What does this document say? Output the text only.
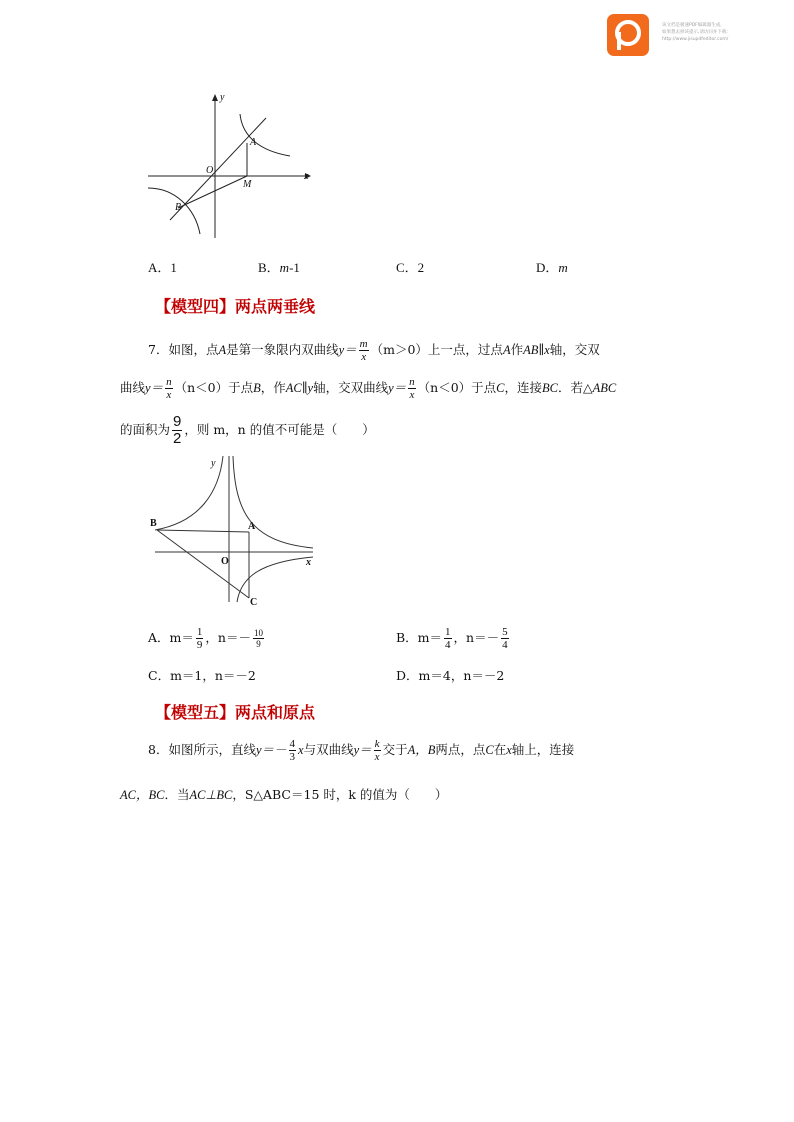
该文档是极速PDF编辑器生成,
如果想去掉该提示,请访问并下载:
http://www.jisupdfeditor.com/
y
x
O
A
B
M
A．1	B．m-1	C．2	D．m
【模型四】两点两垂线
7．如图，点A是第一象限内双曲线$y= \frac{m}{x} (m>0)$上一点，过点A作AB∥x轴，交双
曲线$y= \frac{n}{x} (n<0)$于点B，作AC∥y轴，交双曲线$y= \frac{n}{x} (n<0)$于点C，连接BC．若△ABC
的面积为 $\frac{9}{2}$ ，则 m，n 的值不可能是（　　）
y
x
O
A
B
C
A．$m= \frac{1}{9}$ ，$n=- \frac{10}{9}$	B．$m= \frac{1}{4}$ ，$n=- \frac{5}{4}$
C．m＝1，n＝－2	D．m＝4，n＝－2
【模型五】两点和原点
8．如图所示，直线$y=- \frac{4}{3}$ x与双曲线$y= \frac{k}{x}$ 交于A，B两点，点C在x轴上，连接
AC，BC．当AC⊥BC，S△ABC＝15 时，k 的值为（　　）
